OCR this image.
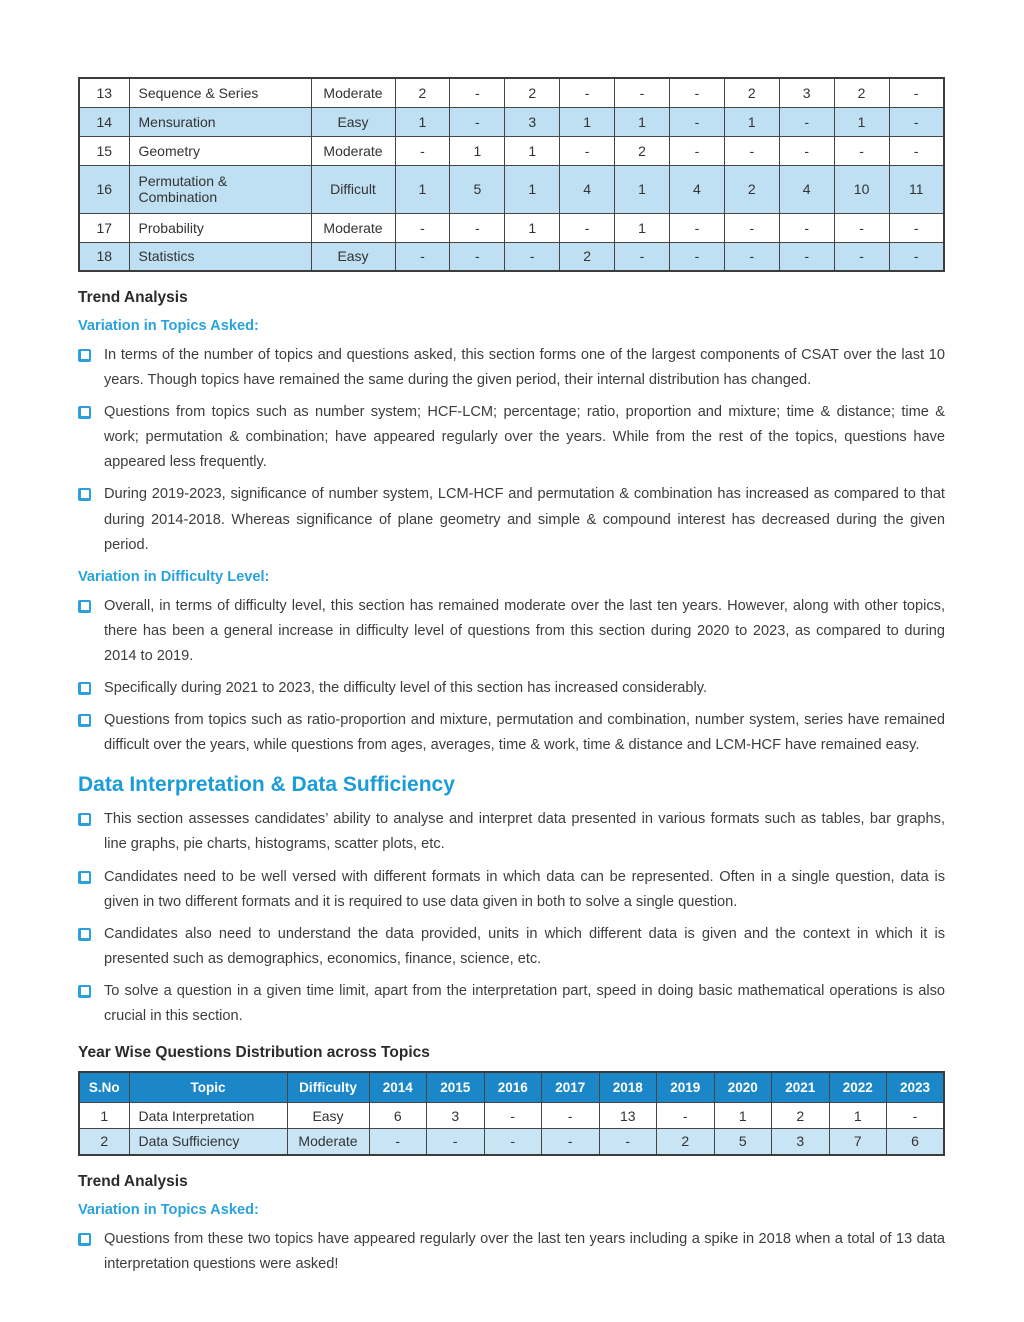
13	Sequence & Series	Moderate	2	-	2	-	-	-	2	3	2	-
14	Mensuration	Easy	1	-	3	1	1	-	1	-	1	-
15	Geometry	Moderate	-	1	1	-	2	-	-	-	-	-
16	Permutation & Combination	Difficult	1	5	1	4	1	4	2	4	10	11
17	Probability	Moderate	-	-	1	-	1	-	-	-	-	-
18	Statistics	Easy	-	-	-	2	-	-	-	-	-	-
Trend Analysis
Variation in Topics Asked:

In terms of the number of topics and questions asked, this section forms one of the largest components of CSAT over the last 10 years. Though topics have remained the same during the given period, their internal distribution has changed.

Questions from topics such as number system; HCF-LCM; percentage; ratio, proportion and mixture; time & distance; time & work; permutation & combination; have appeared regularly over the years. While from the rest of the topics, questions have appeared less frequently.

During 2019-2023, significance of number system, LCM-HCF and permutation & combination has increased as compared to that during 2014-2018. Whereas significance of plane geometry and simple & compound interest has decreased during the given period.

Variation in Difficulty Level:

Overall, in terms of difficulty level, this section has remained moderate over the last ten years. However, along with other topics, there has been a general increase in difficulty level of questions from this section during 2020 to 2023, as compared to during 2014 to 2019.

Specifically during 2021 to 2023, the difficulty level of this section has increased considerably.

Questions from topics such as ratio-proportion and mixture, permutation and combination, number system, series have remained difficult over the years, while questions from ages, averages, time & work, time & distance and LCM-HCF have remained easy.

Data Interpretation & Data Sufficiency

This section assesses candidates’ ability to analyse and interpret data presented in various formats such as tables, bar graphs, line graphs, pie charts, histograms, scatter plots, etc.

Candidates need to be well versed with different formats in which data can be represented. Often in a single question, data is given in two different formats and it is required to use data given in both to solve a single question.

Candidates also need to understand the data provided, units in which different data is given and the context in which it is presented such as demographics, economics, finance, science, etc.

To solve a question in a given time limit, apart from the interpretation part, speed in doing basic mathematical operations is also crucial in this section.

Year Wise Questions Distribution across Topics
S.No	Topic	Difficulty	2014	2015	2016	2017	2018	2019	2020	2021	2022	2023
1	Data Interpretation	Easy	6	3	-	-	13	-	1	2	1	-
2	Data Sufficiency	Moderate	-	-	-	-	-	2	5	3	7	6
Trend Analysis
Variation in Topics Asked:

Questions from these two topics have appeared regularly over the last ten years including a spike in 2018 when a total of 13 data interpretation questions were asked!
